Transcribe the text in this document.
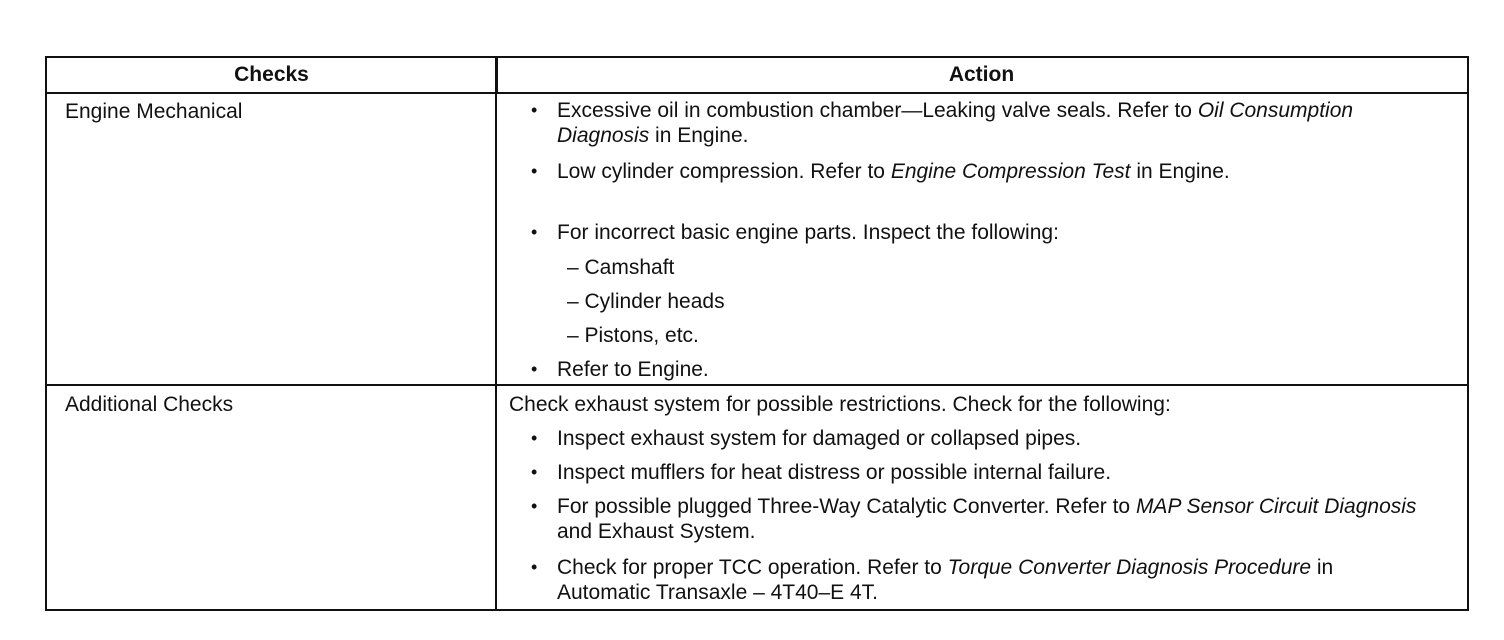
Checks	Action
Engine Mechanical
•	Excessive oil in combustion chamber—Leaking valve seals. Refer to Oil Consumption Diagnosis in Engine.
• Low cylinder compression. Refer to Engine Compression Test in Engine.
• For incorrect basic engine parts. Inspect the following:
– Camshaft
– Cylinder heads
– Pistons, etc.
• Refer to Engine.
Additional Checks	Check exhaust system for possible restrictions. Check for the following:
• Inspect exhaust system for damaged or collapsed pipes.
• Inspect mufflers for heat distress or possible internal failure.
• For possible plugged Three-Way Catalytic Converter. Refer to MAP Sensor Circuit Diagnosis and Exhaust System.
• Check for proper TCC operation. Refer to Torque Converter Diagnosis Procedure in Automatic Transaxle – 4T40–E 4T.
